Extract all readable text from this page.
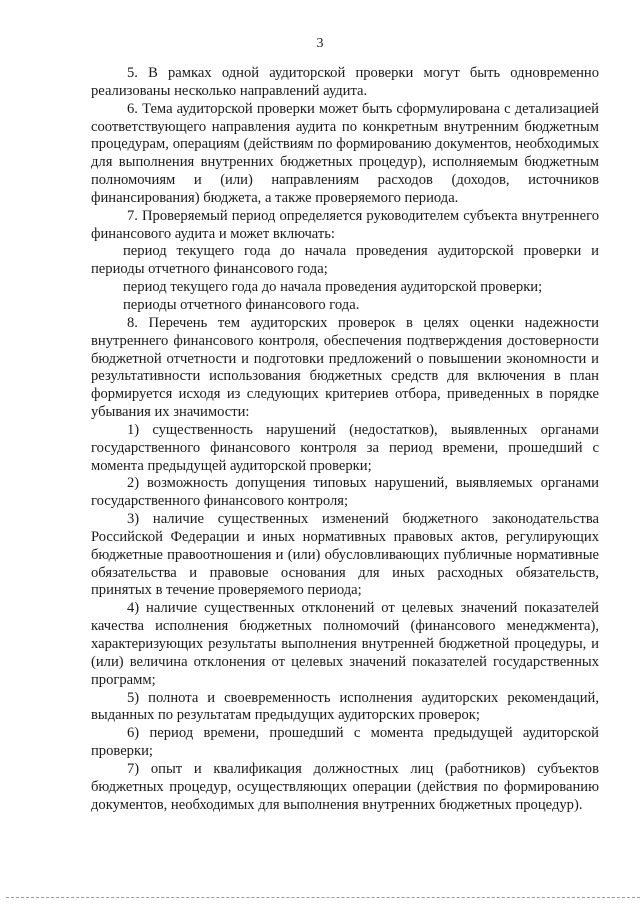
3

5. В рамках одной аудиторской проверки могут быть одновременно реализованы несколько направлений аудита.

6. Тема аудиторской проверки может быть сформулирована с детализацией соответствующего направления аудита по конкретным внутренним бюджетным процедурам, операциям (действиям по формированию документов, необходимых для выполнения внутренних бюджетных процедур), исполняемым бюджетным полномочиям и (или) направлениям расходов (доходов, источников финансирования) бюджета, а также проверяемого периода.

7. Проверяемый период определяется руководителем субъекта внутреннего финансового аудита и может включать:

период текущего года до начала проведения аудиторской проверки и периоды отчетного финансового года;

период текущего года до начала проведения аудиторской проверки;

периоды отчетного финансового года.

8. Перечень тем аудиторских проверок в целях оценки надежности внутреннего финансового контроля, обеспечения подтверждения достоверности бюджетной отчетности и подготовки предложений о повышении экономности и результативности использования бюджетных средств для включения в план формируется исходя из следующих критериев отбора, приведенных в порядке убывания их значимости:

1) существенность нарушений (недостатков), выявленных органами государственного финансового контроля за период времени, прошедший с момента предыдущей аудиторской проверки;

2) возможность допущения типовых нарушений, выявляемых органами государственного финансового контроля;

3) наличие существенных изменений бюджетного законодательства Российской Федерации и иных нормативных правовых актов, регулирующих бюджетные правоотношения и (или) обусловливающих публичные нормативные обязательства и правовые основания для иных расходных обязательств, принятых в течение проверяемого периода;

4) наличие существенных отклонений от целевых значений показателей качества исполнения бюджетных полномочий (финансового менеджмента), характеризующих результаты выполнения внутренней бюджетной процедуры, и (или) величина отклонения от целевых значений показателей государственных программ;

5) полнота и своевременность исполнения аудиторских рекомендаций, выданных по результатам предыдущих аудиторских проверок;

6) период времени, прошедший с момента предыдущей аудиторской проверки;

7) опыт и квалификация должностных лиц (работников) субъектов бюджетных процедур, осуществляющих операции (действия по формированию документов, необходимых для выполнения внутренних бюджетных процедур).
